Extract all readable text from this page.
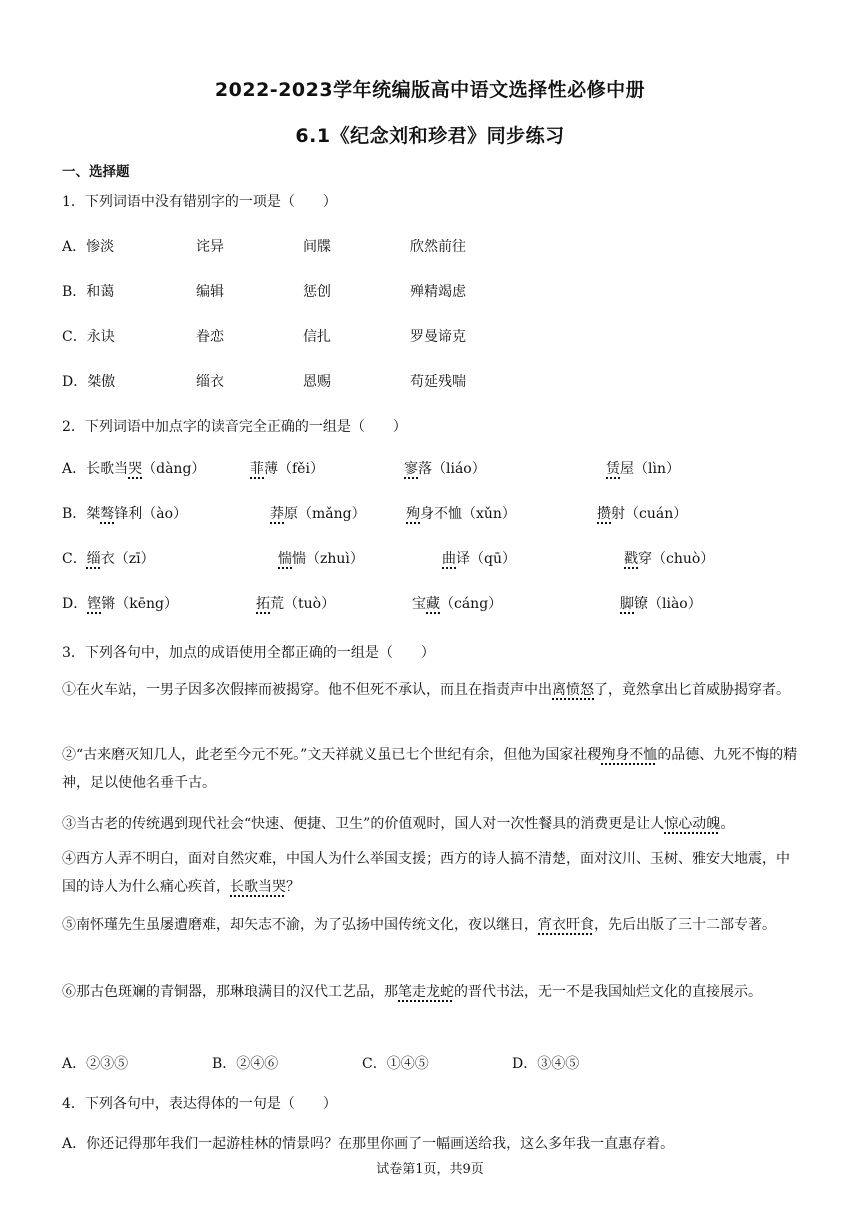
2022-2023学年统编版高中语文选择性必修中册
6.1《纪念刘和珍君》同步练习
一、选择题
1．下列词语中没有错别字的一项是（　　）
A．惨淡	诧异	间牒	欣然前往
B．和蔼	编辑	惩创	殚精竭虑
C．永诀	眷恋	信扎	罗曼谛克
D．桀傲	缁衣	恩赐	苟延残喘
2．下列词语中加点字的读音完全正确的一组是（　　）
A．长歌当哭（dàng）	菲薄（fěi）	寥落（liáo）	赁屋（lìn）
B．桀骜锋利（ào）	莽原（mǎng）	殉身不恤（xǔn）	攒射（cuán）
C．缁衣（zī）	惴惴（zhuì）	曲译（qū）	戳穿（chuò）
D．铿锵（kēng）	拓荒（tuò）	宝藏（cáng）	脚镣（liào）
3．下列各句中，加点的成语使用全都正确的一组是（　　）
①在火车站，一男子因多次假摔而被揭穿。他不但死不承认，而且在指责声中出离愤怒了，竟然拿出匕首威胁揭穿者。
②“古来磨灭知几人，此老至今元不死。”文天祥就义虽已七个世纪有余，但他为国家社稷殉身不恤的品德、九死不悔的精神，足以使他名垂千古。
③当古老的传统遇到现代社会“快速、便捷、卫生”的价值观时，国人对一次性餐具的消费更是让人惊心动魄。
④西方人弄不明白，面对自然灾难，中国人为什么举国支援；西方的诗人搞不清楚，面对汶川、玉树、雅安大地震，中国的诗人为什么痛心疾首，长歌当哭？
⑤南怀瑾先生虽屡遭磨难，却矢志不渝，为了弘扬中国传统文化，夜以继日，宵衣旰食，先后出版了三十二部专著。
⑥那古色斑斓的青铜器，那琳琅满目的汉代工艺品，那笔走龙蛇的晋代书法，无一不是我国灿烂文化的直接展示。
A．②③⑤	B．②④⑥	C．①④⑤	D．③④⑤
4．下列各句中，表达得体的一句是（　　）
A．你还记得那年我们一起游桂林的情景吗？在那里你画了一幅画送给我，这么多年我一直惠存着。
试卷第1页，共9页
